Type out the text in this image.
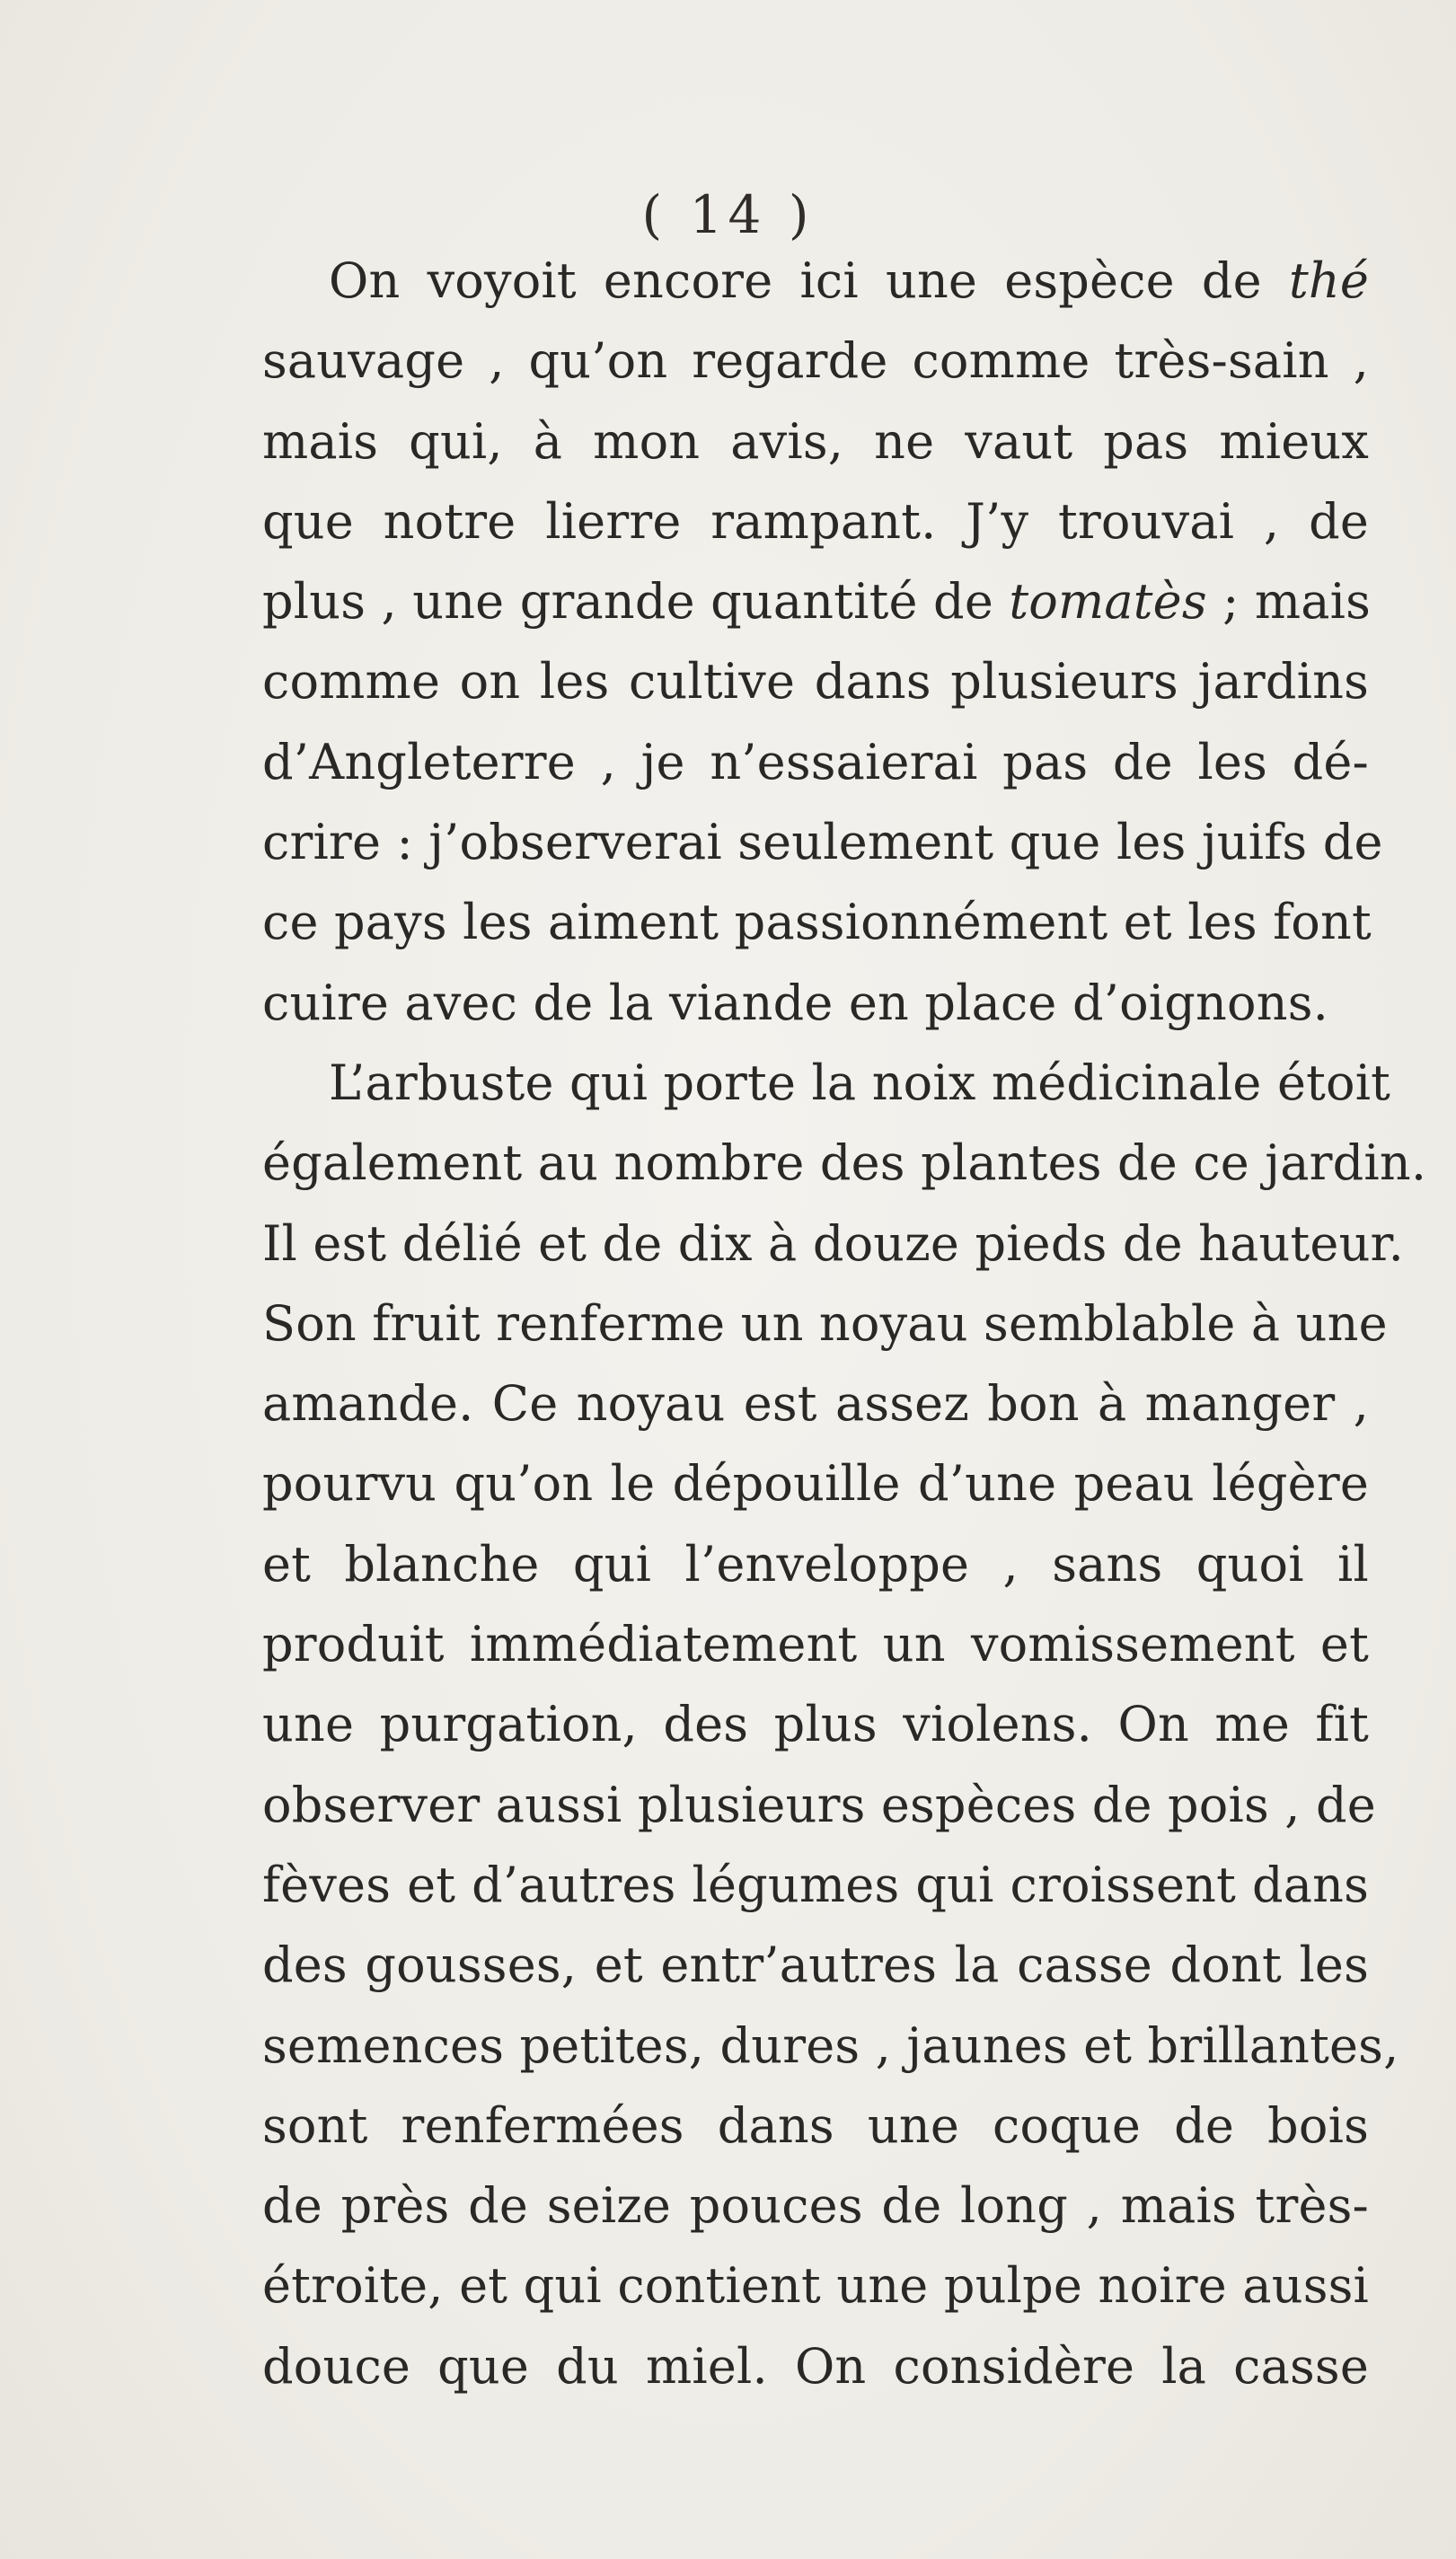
( 14 )
On voyoit encore ici une espèce de thé
sauvage , qu’on regarde comme très-sain ,
mais qui, à mon avis, ne vaut pas mieux
que notre lierre rampant. J’y trouvai , de
plus , une grande quantité de tomatès ; mais
comme on les cultive dans plusieurs jardins
d’Angleterre , je n’essaierai pas de les dé-
crire : j’observerai seulement que les juifs de
ce pays les aiment passionnément et les font
cuire avec de la viande en place d’oignons.
L’arbuste qui porte la noix médicinale étoit
également au nombre des plantes de ce jardin.
Il est délié et de dix à douze pieds de hauteur.
Son fruit renferme un noyau semblable à une
amande. Ce noyau est assez bon à manger ,
pourvu qu’on le dépouille d’une peau légère
et blanche qui l’enveloppe , sans quoi il
produit immédiatement un vomissement et
une purgation, des plus violens. On me fit
observer aussi plusieurs espèces de pois , de
fèves et d’autres légumes qui croissent dans
des gousses, et entr’autres la casse dont les
semences petites, dures , jaunes et brillantes,
sont renfermées dans une coque de bois
de près de seize pouces de long , mais très-
étroite, et qui contient une pulpe noire aussi
douce que du miel. On considère la casse
